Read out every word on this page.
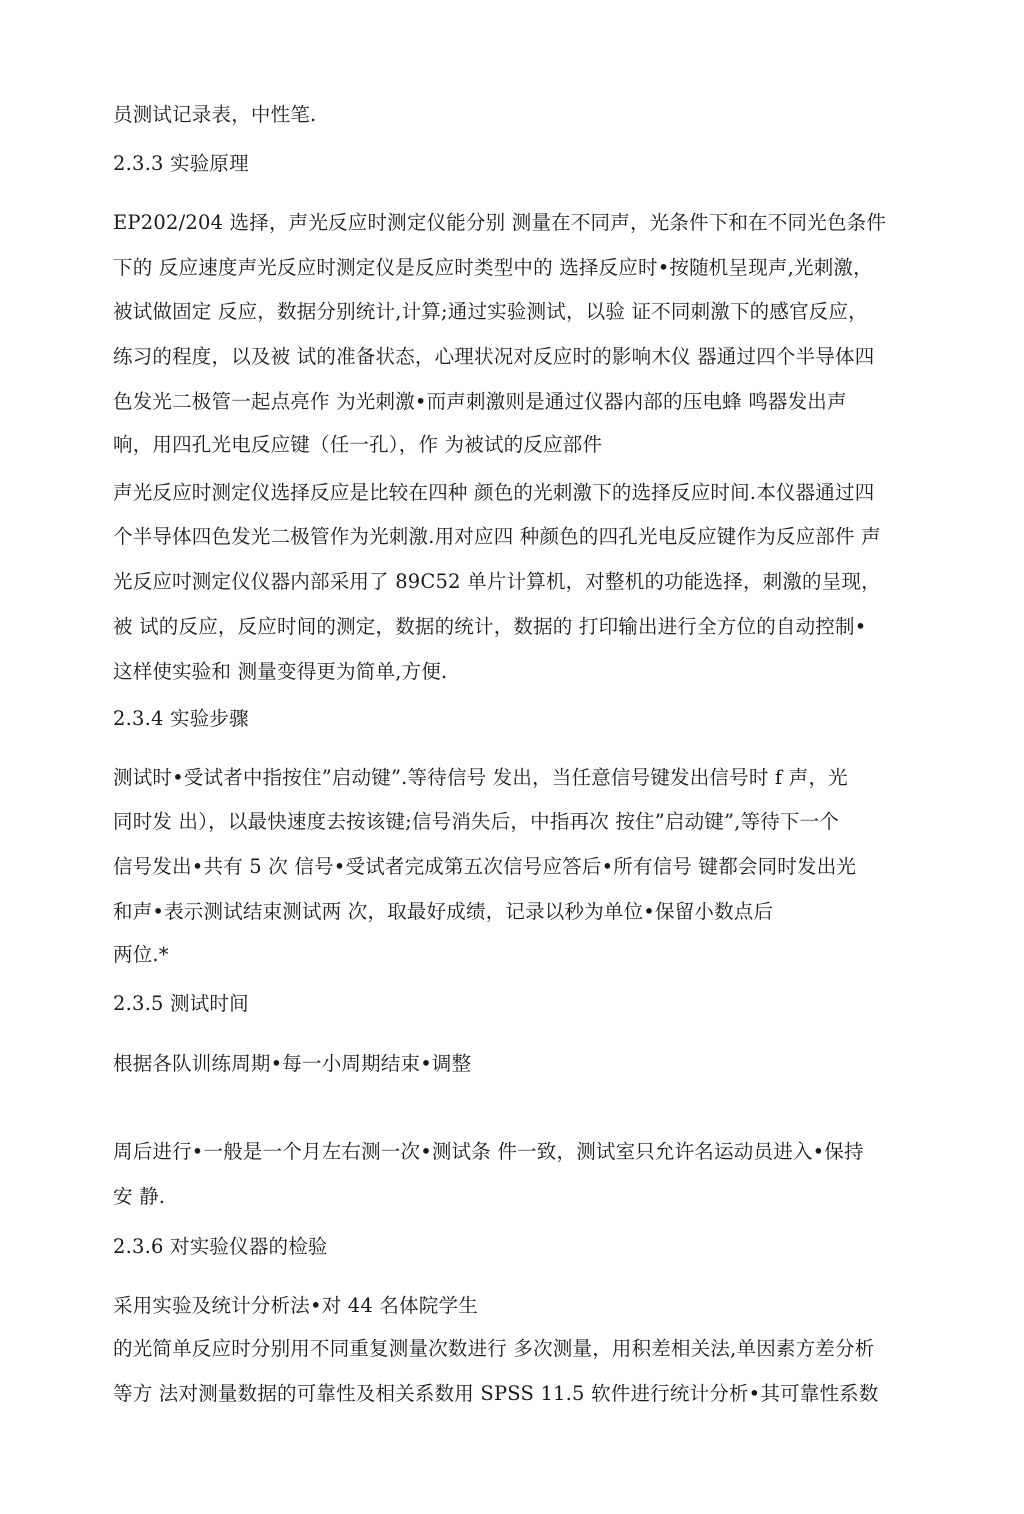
员测试记录表，中性笔.
2.3.3 实验原理
EP202/204 选择，声光反应时测定仪能分别 测量在不同声，光条件下和在不同光色条件
下的 反应速度声光反应时测定仪是反应时类型中的 选择反应时•按随机呈现声,光刺激，
被试做固定 反应，数据分别统计,计算;通过实验测试，以验 证不同刺激下的感官反应，
练习的程度，以及被 试的准备状态，心理状况对反应时的影响木仪 器通过四个半导体四
色发光二极管一起点亮作 为光刺激•而声刺激则是通过仪器内部的压电蜂 鸣器发出声
响，用四孔光电反应键（任一孔），作 为被试的反应部件
声光反应时测定仪选择反应是比较在四种 颜色的光刺激下的选择反应时间.本仪器通过四
个半导体四色发光二极管作为光刺激.用对应四 种颜色的四孔光电反应键作为反应部件 声
光反应吋测定仪仪器内部采用了 89C52 单片计算机，对整机的功能选择，刺激的呈现，
被 试的反应，反应时间的测定，数据的统计，数据的 打印输出进行全方位的自动控制•
这样使实验和 测量变得更为简单,方便.
2.3.4 实验步骤
测试时•受试者中指按住”启动键”.等待信号 发出，当任意信号键发出信号时 f 声，光
同时发 出），以最快速度去按该键;信号消失后，中指再次 按住”启动键”,等待下一个
信号发出•共有 5 次 信号•受试者完成第五次信号应答后•所有信号 键都会同时发出光
和声•表示测试结束测试两 次，取最好成绩，记录以秒为单位•保留小数点后
两位.*
2.3.5 测试时间
根据各队训练周期•每一小周期结束•调整
周后进行•一般是一个月左右测一次•测试条 件一致，测试室只允许名运动员进入•保持
安 静.
2.3.6 对实验仪器的检验
采用实验及统计分析法•对 44 名体院学生
的光简单反应时分别用不同重复测量次数进行 多次测量，用积差相关法,单因素方差分析
等方 法对测量数据的可靠性及相关系数用 SPSS 11.5 软件进行统计分析•其可靠性系数
